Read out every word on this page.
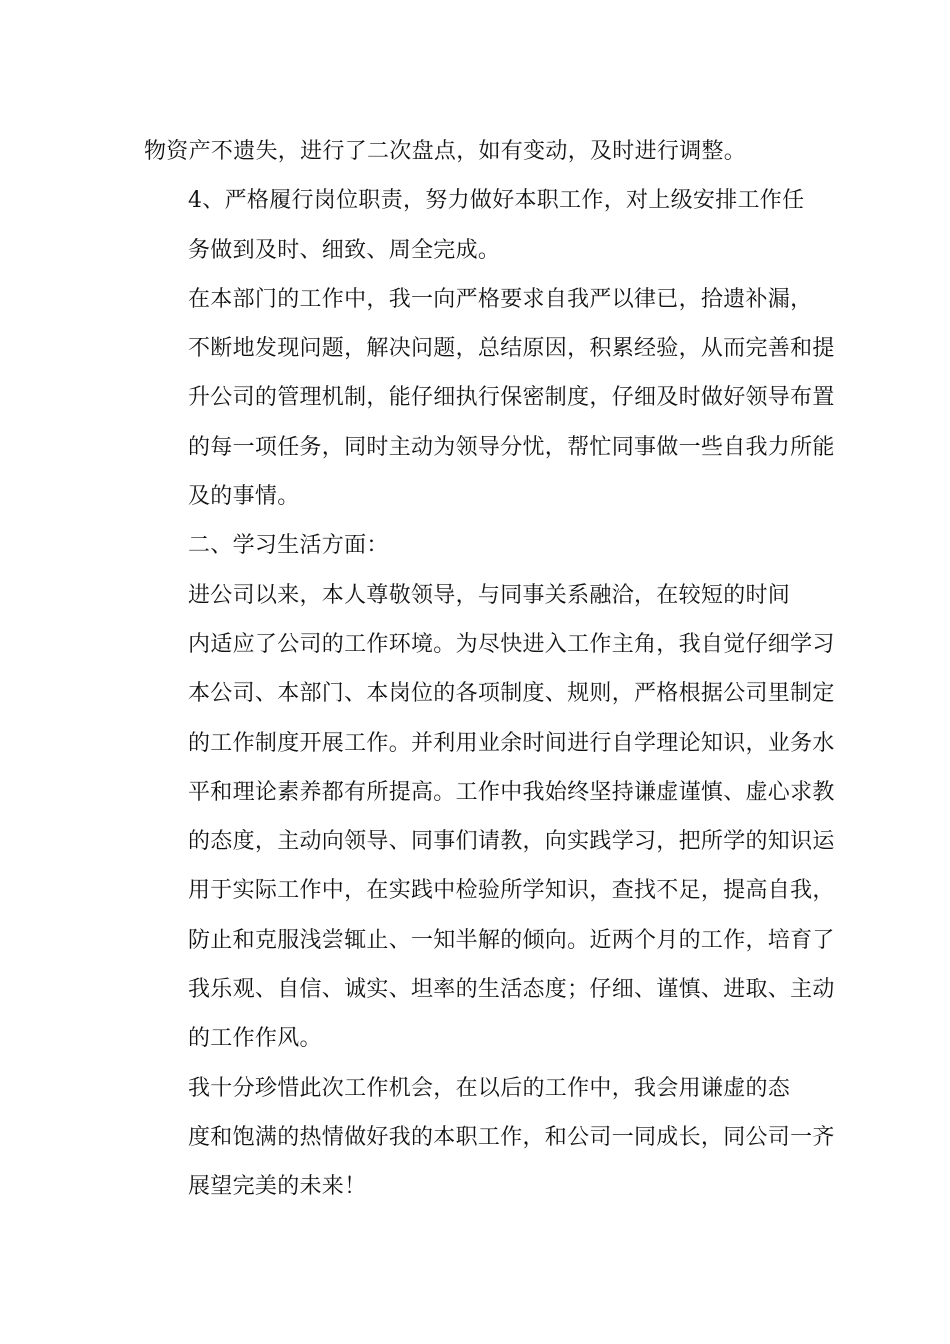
物资产不遗失，进行了二次盘点，如有变动，及时进行调整。

4、严格履行岗位职责，努力做好本职工作，对上级安排工作任
务做到及时、细致、周全完成。

在本部门的工作中，我一向严格要求自我严以律已，拾遗补漏，
不断地发现问题，解决问题，总结原因，积累经验，从而完善和提
升公司的管理机制，能仔细执行保密制度，仔细及时做好领导布置
的每一项任务，同时主动为领导分忧，帮忙同事做一些自我力所能
及的事情。

二、学习生活方面：

进公司以来，本人尊敬领导，与同事关系融洽，在较短的时间
内适应了公司的工作环境。为尽快进入工作主角，我自觉仔细学习
本公司、本部门、本岗位的各项制度、规则，严格根据公司里制定
的工作制度开展工作。并利用业余时间进行自学理论知识，业务水
平和理论素养都有所提高。工作中我始终坚持谦虚谨慎、虚心求教
的态度，主动向领导、同事们请教，向实践学习，把所学的知识运
用于实际工作中，在实践中检验所学知识，查找不足，提高自我，
防止和克服浅尝辄止、一知半解的倾向。近两个月的工作，培育了
我乐观、自信、诚实、坦率的生活态度；仔细、谨慎、进取、主动
的工作作风。

我十分珍惜此次工作机会，在以后的工作中，我会用谦虚的态
度和饱满的热情做好我的本职工作，和公司一同成长，同公司一齐
展望完美的未来！
